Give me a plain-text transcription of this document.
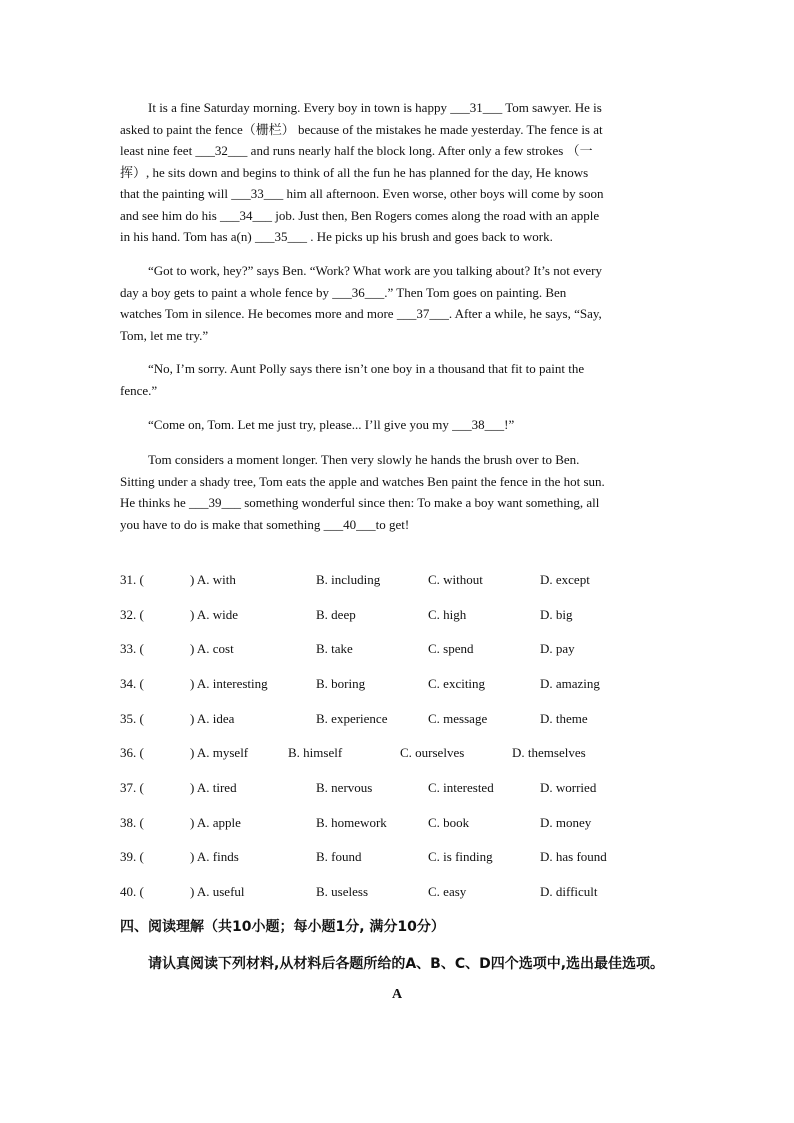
It is a fine Saturday morning. Every boy in town is happy ___31___ Tom sawyer. He is
asked to paint the fence（栅栏） because of the mistakes he made yesterday. The fence is at
least nine feet ___32___ and runs nearly half the block long. After only a few strokes （一
挥）, he sits down and begins to think of all the fun he has planned for the day, He knows
that the painting will ___33___ him all afternoon. Even worse, other boys will come by soon
and see him do his ___34___ job. Just then, Ben Rogers comes along the road with an apple
in his hand. Tom has a(n) ___35___ . He picks up his brush and goes back to work.
“Got to work, hey?” says Ben. “Work? What work are you talking about? It’s not every
day a boy gets to paint a whole fence by ___36___.” Then Tom goes on painting. Ben
watches Tom in silence. He becomes more and more ___37___. After a while, he says, “Say,
Tom, let me try.”
“No, I’m sorry. Aunt Polly says there isn’t one boy in a thousand that fit to paint the
fence.”
“Come on, Tom. Let me just try, please... I’ll give you my ___38___!”
Tom considers a moment longer. Then very slowly he hands the brush over to Ben.
Sitting under a shady tree, Tom eats the apple and watches Ben paint the fence in the hot sun.
He thinks he ___39___ something wonderful since then: To make a boy want something, all
you have to do is make that something ___40___to get!
31. (	) A. with	B. including	C. without	D. except
32. (	) A. wide	B. deep	C. high	D. big
33. (	) A. cost	B. take	C. spend	D. pay
34. (	) A. interesting	B. boring	C. exciting	D. amazing
35. (	) A. idea	B. experience	C. message	D. theme
36. (	) A. myself	B. himself	C. ourselves	D. themselves
37. (	) A. tired	B. nervous	C. interested	D. worried
38. (	) A. apple	B. homework	C. book	D. money
39. (	) A. finds	B. found	C. is finding	D. has found
40. (	) A. useful	B. useless	C. easy	D. difficult
四、阅读理解（共10小题；每小题1分, 满分10分）
请认真阅读下列材料,从材料后各题所给的A、B、C、D四个选项中,选出最佳选项。
A
